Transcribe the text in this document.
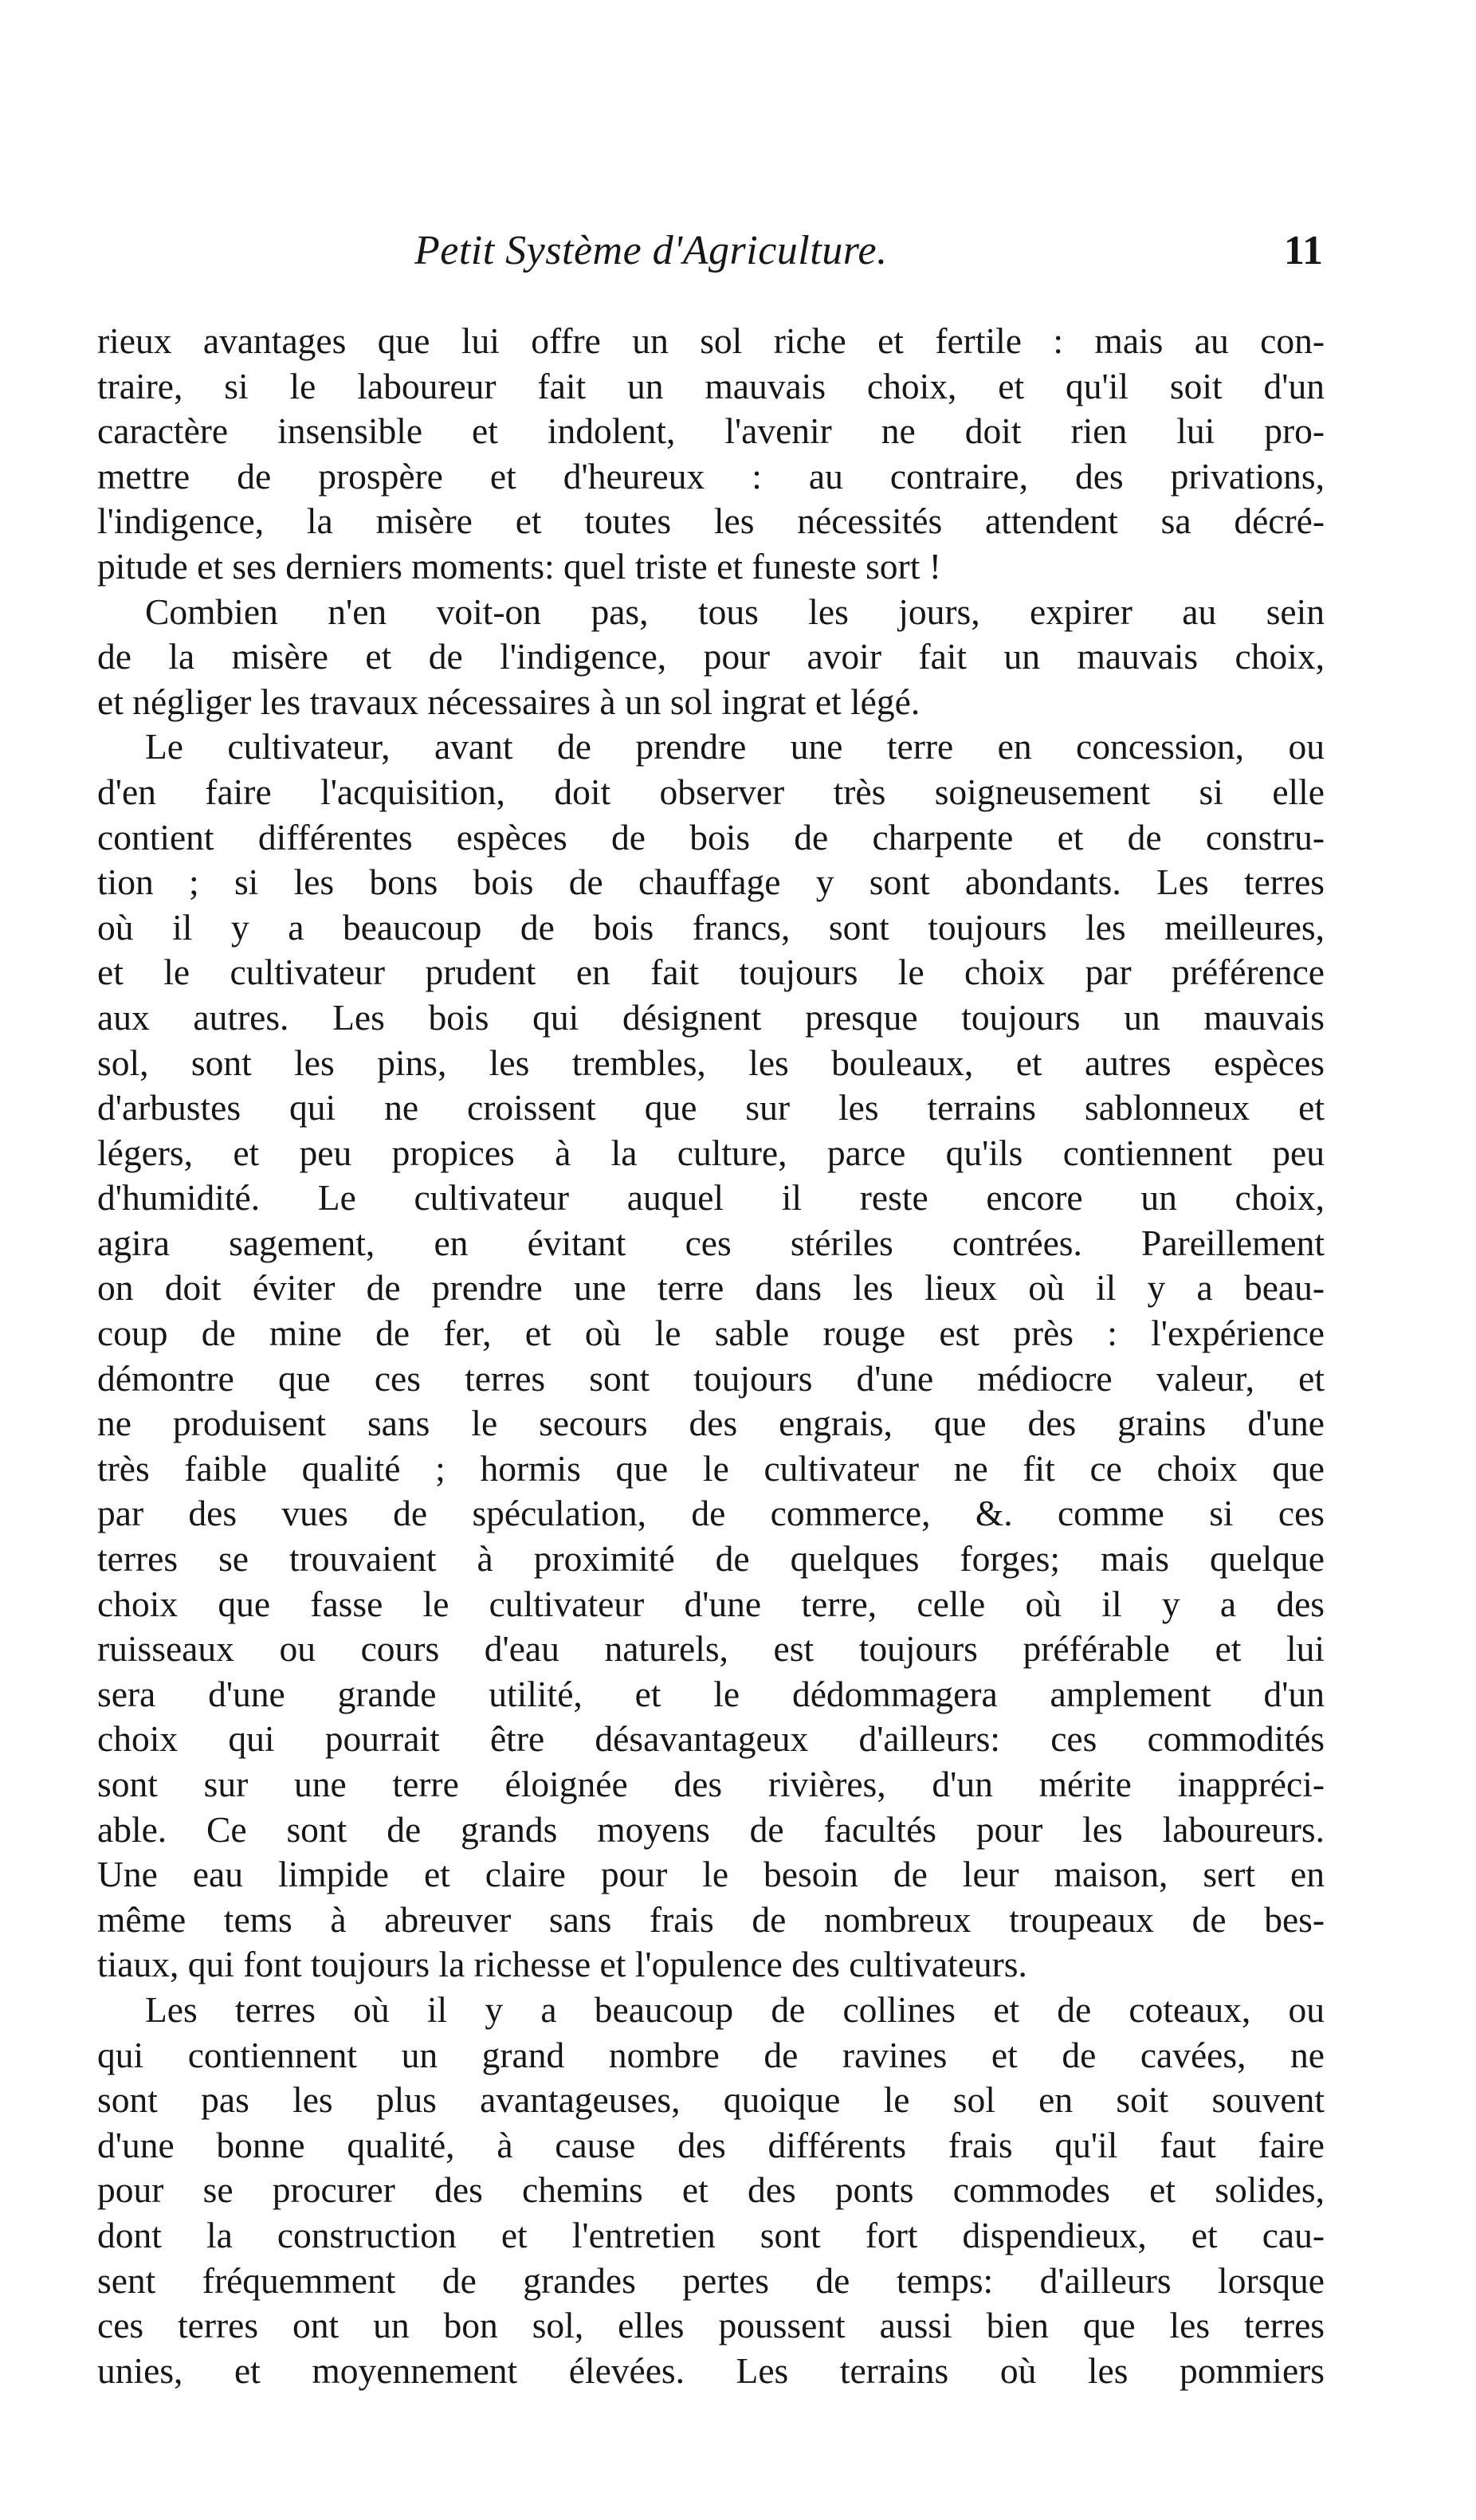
Petit Système d'Agriculture.	11
rieux avantages que lui offre un sol riche et fertile : mais au con-
traire, si le laboureur fait un mauvais choix, et qu'il soit d'un
caractère insensible et indolent, l'avenir ne doit rien lui pro-
mettre de prospère et d'heureux : au contraire, des privations,
l'indigence, la misère et toutes les nécessités attendent sa décré-
pitude et ses derniers moments: quel triste et funeste sort !
Combien n'en voit-on pas, tous les jours, expirer au sein
de la misère et de l'indigence, pour avoir fait un mauvais choix,
et négliger les travaux nécessaires à un sol ingrat et légé.
Le cultivateur, avant de prendre une terre en concession, ou
d'en faire l'acquisition, doit observer très soigneusement si elle
contient différentes espèces de bois de charpente et de constru-
tion ; si les bons bois de chauffage y sont abondants. Les terres
où il y a beaucoup de bois francs, sont toujours les meilleures,
et le cultivateur prudent en fait toujours le choix par préférence
aux autres. Les bois qui désignent presque toujours un mauvais
sol, sont les pins, les trembles, les bouleaux, et autres espèces
d'arbustes qui ne croissent que sur les terrains sablonneux et
légers, et peu propices à la culture, parce qu'ils contiennent peu
d'humidité. Le cultivateur auquel il reste encore un choix,
agira sagement, en évitant ces stériles contrées. Pareillement
on doit éviter de prendre une terre dans les lieux où il y a beau-
coup de mine de fer, et où le sable rouge est près : l'expérience
démontre que ces terres sont toujours d'une médiocre valeur, et
ne produisent sans le secours des engrais, que des grains d'une
très faible qualité ; hormis que le cultivateur ne fit ce choix que
par des vues de spéculation, de commerce, &. comme si ces
terres se trouvaient à proximité de quelques forges; mais quelque
choix que fasse le cultivateur d'une terre, celle où il y a des
ruisseaux ou cours d'eau naturels, est toujours préférable et lui
sera d'une grande utilité, et le dédommagera amplement d'un
choix qui pourrait être désavantageux d'ailleurs: ces commodités
sont sur une terre éloignée des rivières, d'un mérite inappréci-
able. Ce sont de grands moyens de facultés pour les laboureurs.
Une eau limpide et claire pour le besoin de leur maison, sert en
même tems à abreuver sans frais de nombreux troupeaux de bes-
tiaux, qui font toujours la richesse et l'opulence des cultivateurs.
Les terres où il y a beaucoup de collines et de coteaux, ou
qui contiennent un grand nombre de ravines et de cavées, ne
sont pas les plus avantageuses, quoique le sol en soit souvent
d'une bonne qualité, à cause des différents frais qu'il faut faire
pour se procurer des chemins et des ponts commodes et solides,
dont la construction et l'entretien sont fort dispendieux, et cau-
sent fréquemment de grandes pertes de temps: d'ailleurs lorsque
ces terres ont un bon sol, elles poussent aussi bien que les terres
unies, et moyennement élevées. Les terrains où les pommiers
